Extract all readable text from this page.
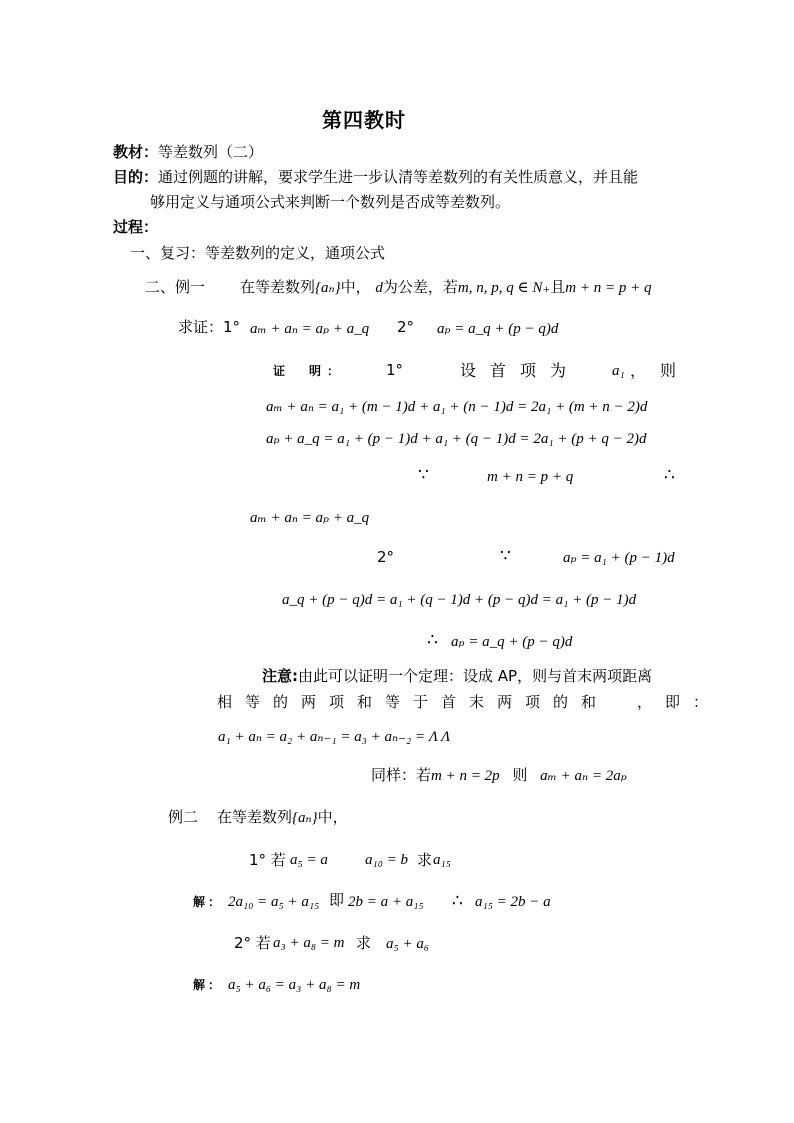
第四教时
教材：等差数列（二）
目的：通过例题的讲解，要求学生进一步认清等差数列的有关性质意义，并且能
够用定义与通项公式来判断一个数列是否成等差数列。
过程：
一、复习：等差数列的定义，通项公式
二、例一 在等差数列{aₙ}中， d为公差，若m, n, p, q ∈ N₊且m + n = p + q
求证：1° aₘ + aₙ = aₚ + a_q 2° aₚ = a_q + (p − q)d
证　明：	1°	设首项为 a₁ ，则
aₘ + aₙ = a₁ + (m − 1)d + a₁ + (n − 1)d = 2a₁ + (m + n − 2)d
aₚ + a_q = a₁ + (p − 1)d + a₁ + (q − 1)d = 2a₁ + (p + q − 2)d
∵	m + n = p + q	∴
aₘ + aₙ = aₚ + a_q
2°	∵	aₚ = a₁ + (p − 1)d
a_q + (p − q)d = a₁ + (q − 1)d + (p − q)d = a₁ + (p − 1)d
∴ aₚ = a_q + (p − q)d
注意:由此可以证明一个定理：设成 AP，则与首末两项距离
相等的两项和等于首末两项的和 ，即：
a₁ + aₙ = a₂ + aₙ₋₁ = a₃ + aₙ₋₂ = Λ Λ
同样：若m + n = 2p 则 aₘ + aₙ = 2aₚ
例二 在等差数列{aₙ}中，
1° 若 a₅ = a a₁₀ = b 求 a₁₅
解： 2a₁₀ = a₅ + a₁₅ 即 2b = a + a₁₅ ∴ a₁₅ = 2b − a
2° 若 a₃ + a₈ = m 求 a₅ + a₆
解： a₅ + a₆ = a₃ + a₈ = m
